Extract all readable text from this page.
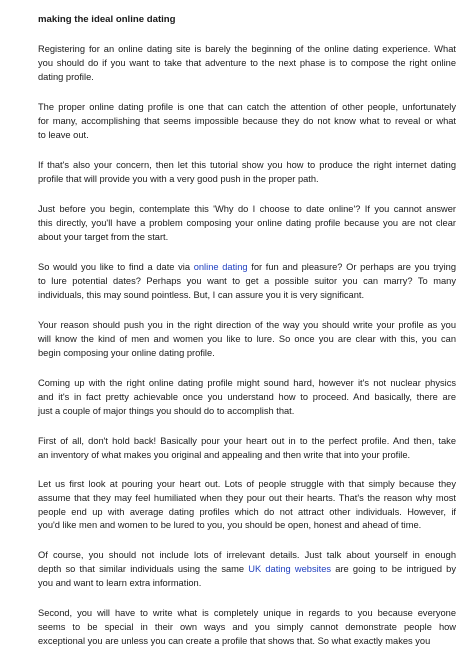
making the ideal online dating
Registering for an online dating site is barely the beginning of the online dating experience. What
you should do if you want to take that adventure to the next phase is to compose the right online
dating profile.
The proper online dating profile is one that can catch the attention of other people, unfortunately
for many, accomplishing that seems impossible because they do not know what to reveal or what
to leave out.
If that's also your concern, then let this tutorial show you how to produce the right internet dating
profile that will provide you with a very good push in the proper path.
Just before you begin, contemplate this 'Why do I choose to date online'? If you cannot answer
this directly, you'll have a problem composing your online dating profile because you are not clear
about your target from the start.
So would you like to find a date via online dating for fun and pleasure? Or perhaps are you trying
to lure potential dates? Perhaps you want to get a possible suitor you can marry? To many
individuals, this may sound pointless. But, I can assure you it is very significant.
Your reason should push you in the right direction of the way you should write your profile as you
will know the kind of men and women you like to lure. So once you are clear with this, you can
begin composing your online dating profile.
Coming up with the right online dating profile might sound hard, however it's not nuclear physics
and it's in fact pretty achievable once you understand how to proceed. And basically, there are
just a couple of major things you should do to accomplish that.
First of all, don't hold back! Basically pour your heart out in to the perfect profile. And then, take
an inventory of what makes you original and appealing and then write that into your profile.
Let us first look at pouring your heart out. Lots of people struggle with that simply because they
assume that they may feel humiliated when they pour out their hearts. That's the reason why most
people end up with average dating profiles which do not attract other individuals. However, if
you'd like men and women to be lured to you, you should be open, honest and ahead of time.
Of course, you should not include lots of irrelevant details. Just talk about yourself in enough
depth so that similar individuals using the same UK dating websites are going to be intrigued by
you and want to learn extra information.
Second, you will have to write what is completely unique in regards to you because everyone
seems to be special in their own ways and you simply cannot demonstrate people how
exceptional you are unless you can create a profile that shows that. So what exactly makes you
